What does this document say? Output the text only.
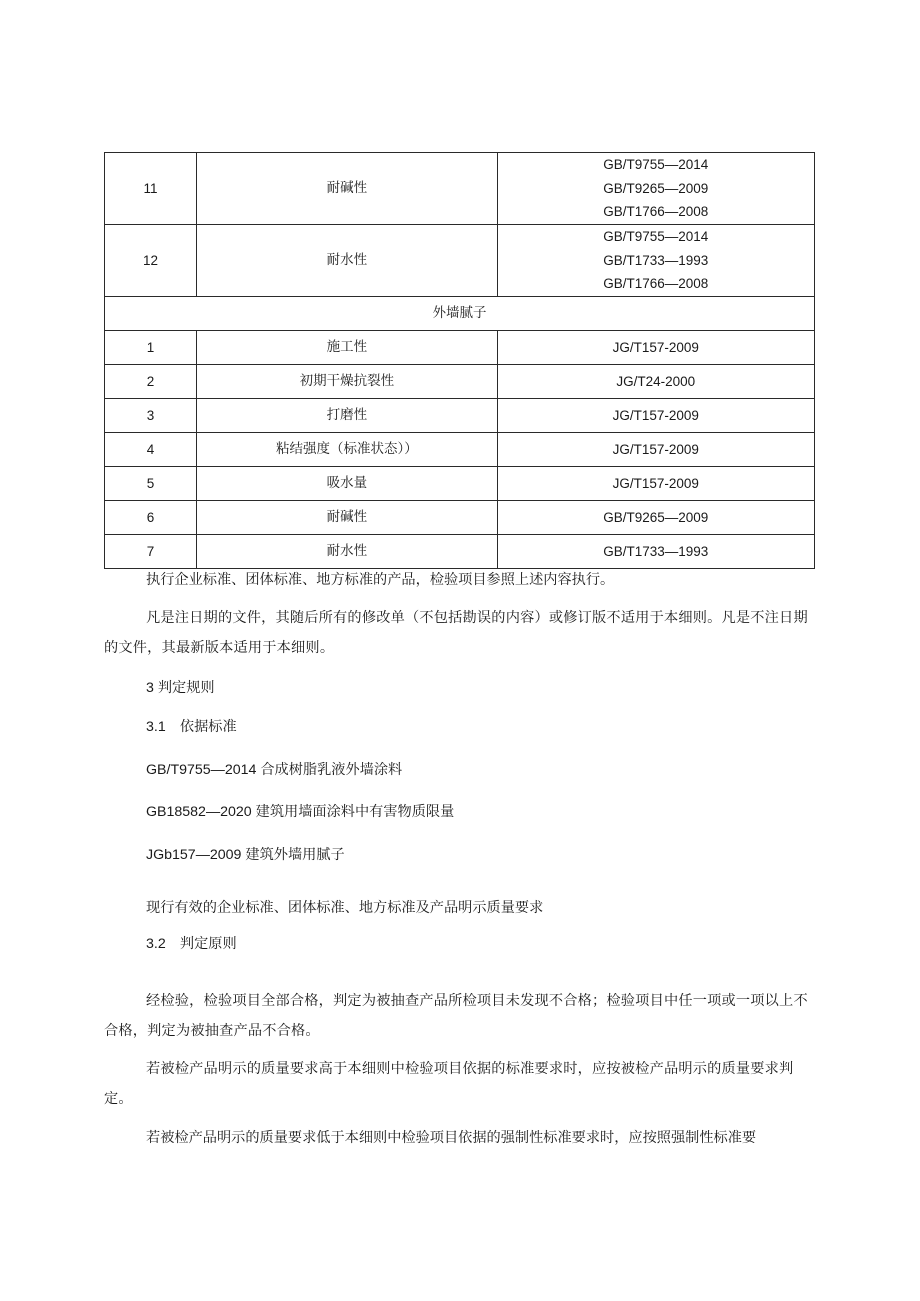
11	耐碱性	GB/T9755—2014
GB/T9265—2009
GB/T1766—2008

12	耐水性	GB/T9755—2014
GB/T1733—1993
GB/T1766—2008

外墙腻子		
1	施工性	JG/T157-2009
2	初期干燥抗裂性	JG/T24-2000
3	打磨性	JG/T157-2009
4	粘结强度（标准状态））	JG/T157-2009
5	吸水量	JG/T157-2009
6	耐碱性	GB/T9265—2009
7	耐水性	GB/T1733—1993
执行企业标准、团体标准、地方标准的产品，检验项目参照上述内容执行。
凡是注日期的文件，其随后所有的修改单（不包括勘误的内容）或修订版不适用于本细则。凡是不注日期的文件，其最新版本适用于本细则。
3 判定规则
3.1　依据标准
GB/T9755—2014 合成树脂乳液外墙涂料
GB18582—2020 建筑用墙面涂料中有害物质限量
JGb157—2009 建筑外墙用腻子
现行有效的企业标准、团体标准、地方标准及产品明示质量要求
3.2　判定原则
经检验，检验项目全部合格，判定为被抽查产品所检项目未发现不合格；检验项目中任一项或一项以上不合格，判定为被抽查产品不合格。
若被检产品明示的质量要求高于本细则中检验项目依据的标准要求时，应按被检产品明示的质量要求判定。
若被检产品明示的质量要求低于本细则中检验项目依据的强制性标准要求时，应按照强制性标准要
